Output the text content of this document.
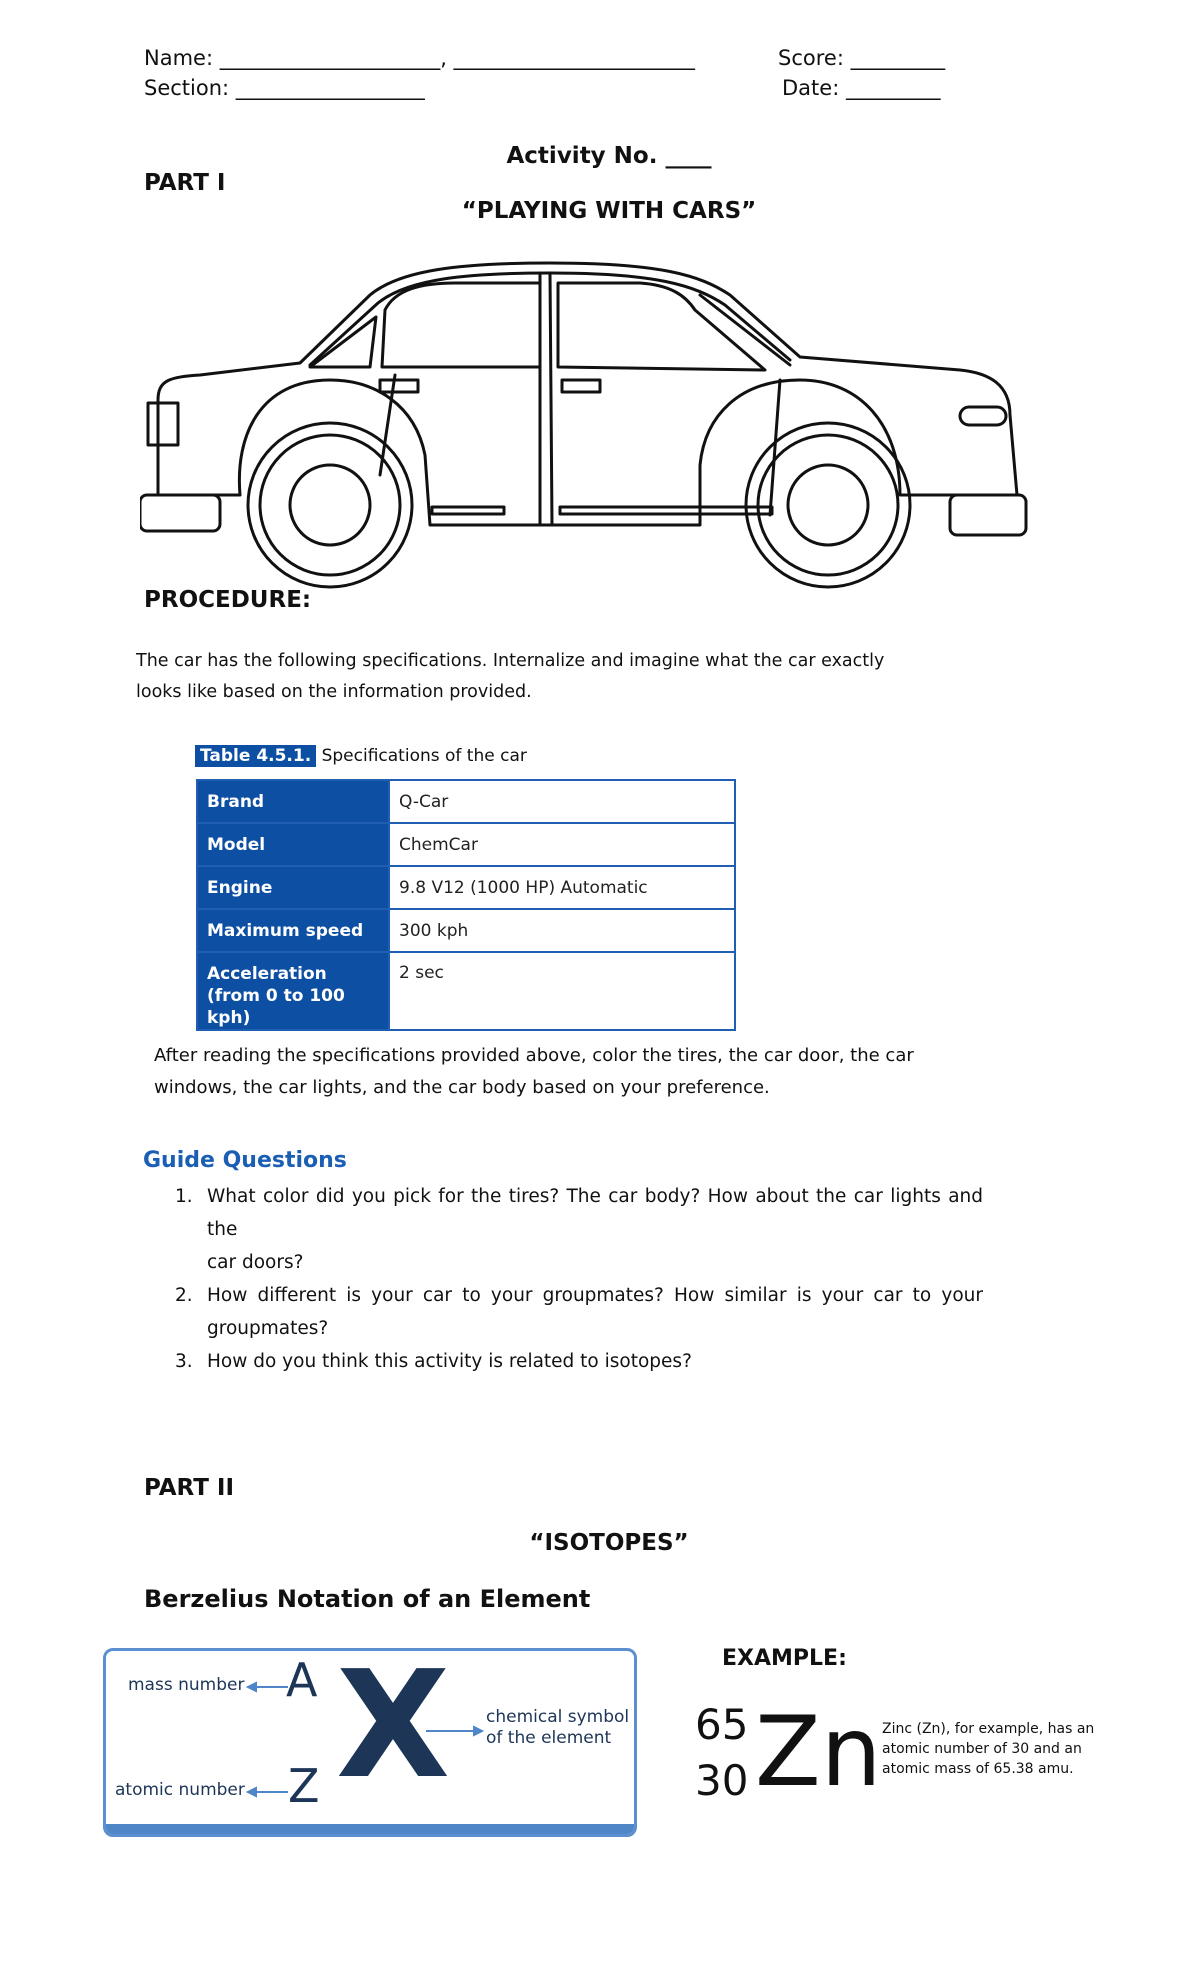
Name: _____________________, _______________________	Score: _________
Section: __________________	Date: _________
Activity No. ____
PART I
“PLAYING WITH CARS”
PROCEDURE:
The car has the following specifications. Internalize and imagine what the car exactly
looks like based on the information provided.
Table 4.5.1. Specifications of the car
Brand	Q-Car
Model	ChemCar
Engine	9.8 V12 (1000 HP) Automatic
Maximum speed	300 kph
Acceleration (from 0 to 100 kph)	2 sec
After reading the specifications provided above, color the tires, the car door, the car
windows, the car lights, and the car body based on your preference.
Guide Questions
1. What color did you pick for the tires? The car body? How about the car lights and the
car doors?
2. How different is your car to your groupmates? How similar is your car to your
groupmates?
3. How do you think this activity is related to isotopes?
PART II
“ISOTOPES”
Berzelius Notation of an Element
mass number
atomic number
A
Z X chemical symbol
of the element
EXAMPLE:
65
30 Zn Zinc (Zn), for example, has an
atomic number of 30 and an
atomic mass of 65.38 amu.
